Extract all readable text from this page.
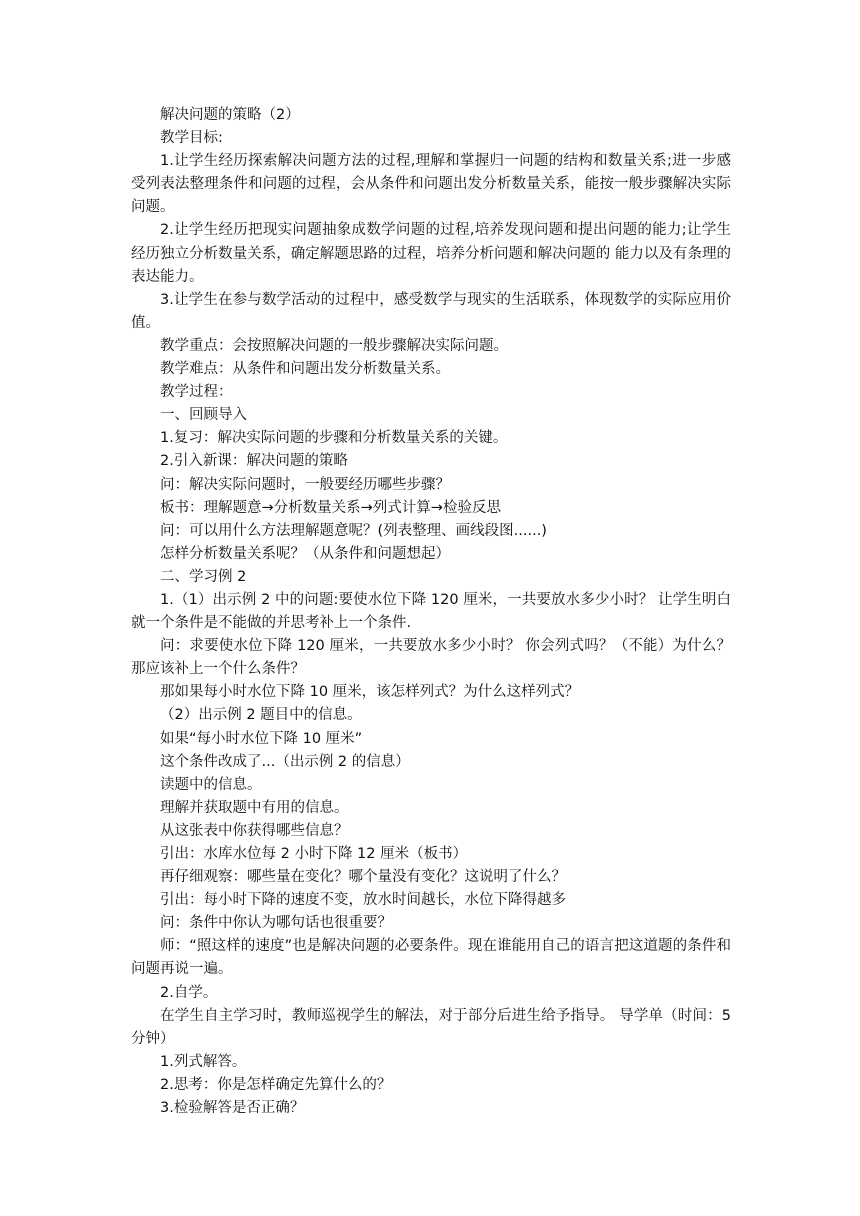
解决问题的策略（2）
教学目标:
1.让学生经历探索解决问题方法的过程,理解和掌握归一问题的结构和数量关系;进一步感受列表法整理条件和问题的过程，会从条件和问题出发分析数量关系，能按一般步骤解决实际问题。
2.让学生经历把现实问题抽象成数学问题的过程,培养发现问题和提出问题的能力;让学生经历独立分析数量关系，确定解题思路的过程，培养分析问题和解决问题的 能力以及有条理的表达能力。
3.让学生在参与数学活动的过程中，感受数学与现实的生活联系，体现数学的实际应用价值。
教学重点：会按照解决问题的一般步骤解决实际问题。
教学难点：从条件和问题出发分析数量关系。
教学过程：
一、回顾导入
1.复习：解决实际问题的步骤和分析数量关系的关键。
2.引入新课：解决问题的策略
问：解决实际问题时，一般要经历哪些步骤？
板书：理解题意→分析数量关系→列式计算→检验反思
问：可以用什么方法理解题意呢？(列表整理、画线段图......)
怎样分析数量关系呢？（从条件和问题想起）
二、学习例 2
1.（1）出示例 2 中的问题:要使水位下降 120 厘米，一共要放水多少小时？ 让学生明白就一个条件是不能做的并思考补上一个条件.
问：求要使水位下降 120 厘米，一共要放水多少小时？ 你会列式吗？（不能）为什么？那应该补上一个什么条件？
那如果每小时水位下降 10 厘米，该怎样列式？为什么这样列式？
（2）出示例 2 题目中的信息。
如果“每小时水位下降 10 厘米”
这个条件改成了...（出示例 2 的信息）
读题中的信息。
理解并获取题中有用的信息。
从这张表中你获得哪些信息？
引出：水库水位每 2 小时下降 12 厘米（板书）
再仔细观察：哪些量在变化？哪个量没有变化？这说明了什么？
引出：每小时下降的速度不变，放水时间越长，水位下降得越多
问：条件中你认为哪句话也很重要？
师：“照这样的速度”也是解决问题的必要条件。现在谁能用自己的语言把这道题的条件和问题再说一遍。
2.自学。
在学生自主学习时，教师巡视学生的解法，对于部分后进生给予指导。 导学单（时间：5 分钟）
1.列式解答。
2.思考：你是怎样确定先算什么的？
3.检验解答是否正确？
